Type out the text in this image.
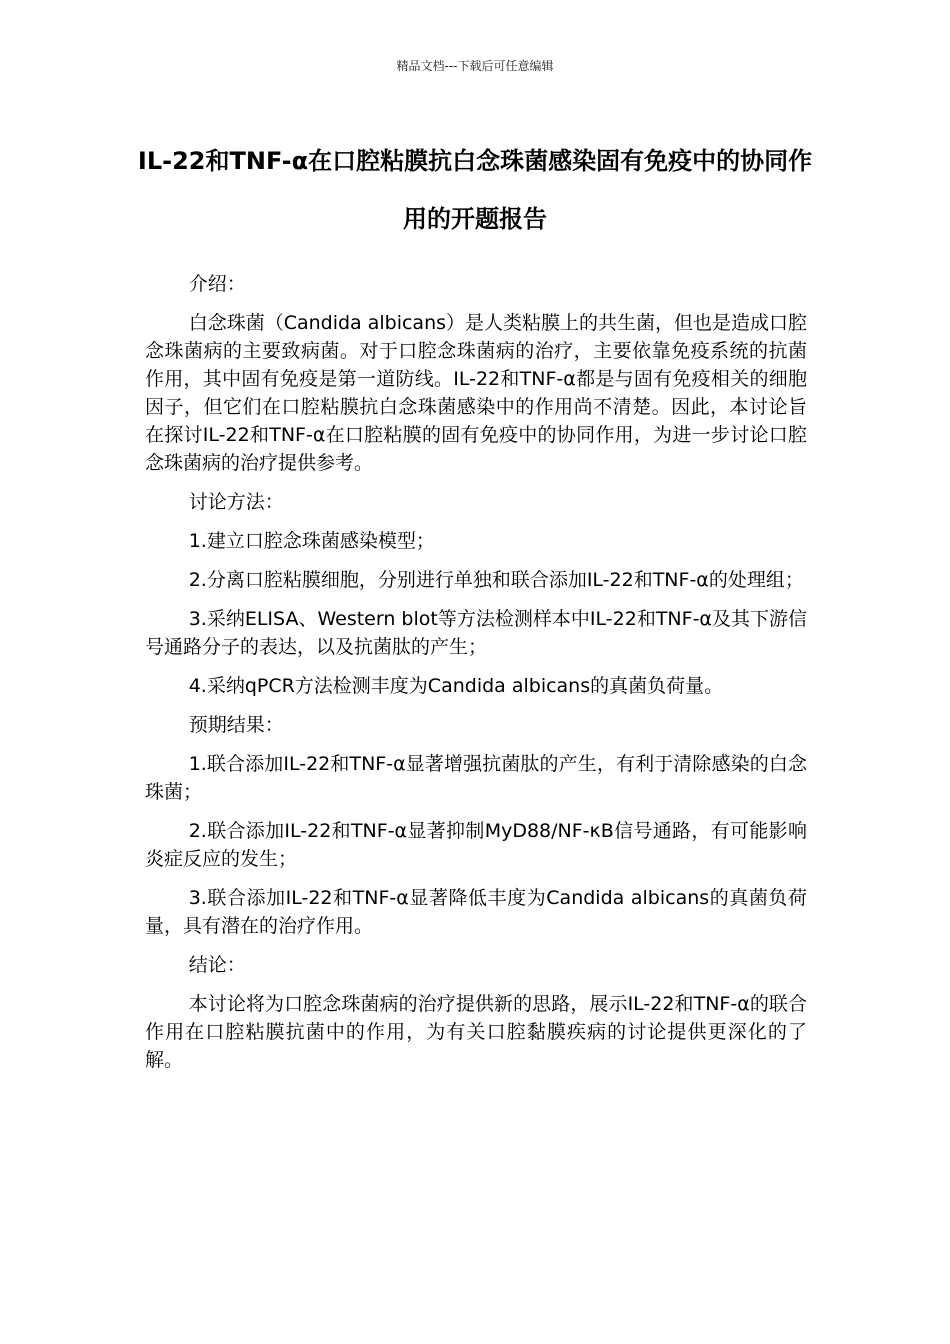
精品文档---下载后可任意编辑
IL-22和TNF-α在口腔粘膜抗白念珠菌感染固有免疫中的协同作用的开题报告

介绍：

白念珠菌（Candida albicans）是人类粘膜上的共生菌，但也是造成口腔念珠菌病的主要致病菌。对于口腔念珠菌病的治疗，主要依靠免疫系统的抗菌作用，其中固有免疫是第一道防线。IL-22和TNF-α都是与固有免疫相关的细胞因子，但它们在口腔粘膜抗白念珠菌感染中的作用尚不清楚。因此，本讨论旨在探讨IL-22和TNF-α在口腔粘膜的固有免疫中的协同作用，为进一步讨论口腔念珠菌病的治疗提供参考。

讨论方法：

1.建立口腔念珠菌感染模型；

2.分离口腔粘膜细胞，分别进行单独和联合添加IL-22和TNF-α的处理组；

3.采纳ELISA、Western blot等方法检测样本中IL-22和TNF-α及其下游信号通路分子的表达，以及抗菌肽的产生；

4.采纳qPCR方法检测丰度为Candida albicans的真菌负荷量。

预期结果：

1.联合添加IL-22和TNF-α显著增强抗菌肽的产生，有利于清除感染的白念珠菌；

2.联合添加IL-22和TNF-α显著抑制MyD88/NF-κB信号通路，有可能影响炎症反应的发生；

3.联合添加IL-22和TNF-α显著降低丰度为Candida albicans的真菌负荷量，具有潜在的治疗作用。

结论：

本讨论将为口腔念珠菌病的治疗提供新的思路，展示IL-22和TNF-α的联合作用在口腔粘膜抗菌中的作用，为有关口腔黏膜疾病的讨论提供更深化的了解。
